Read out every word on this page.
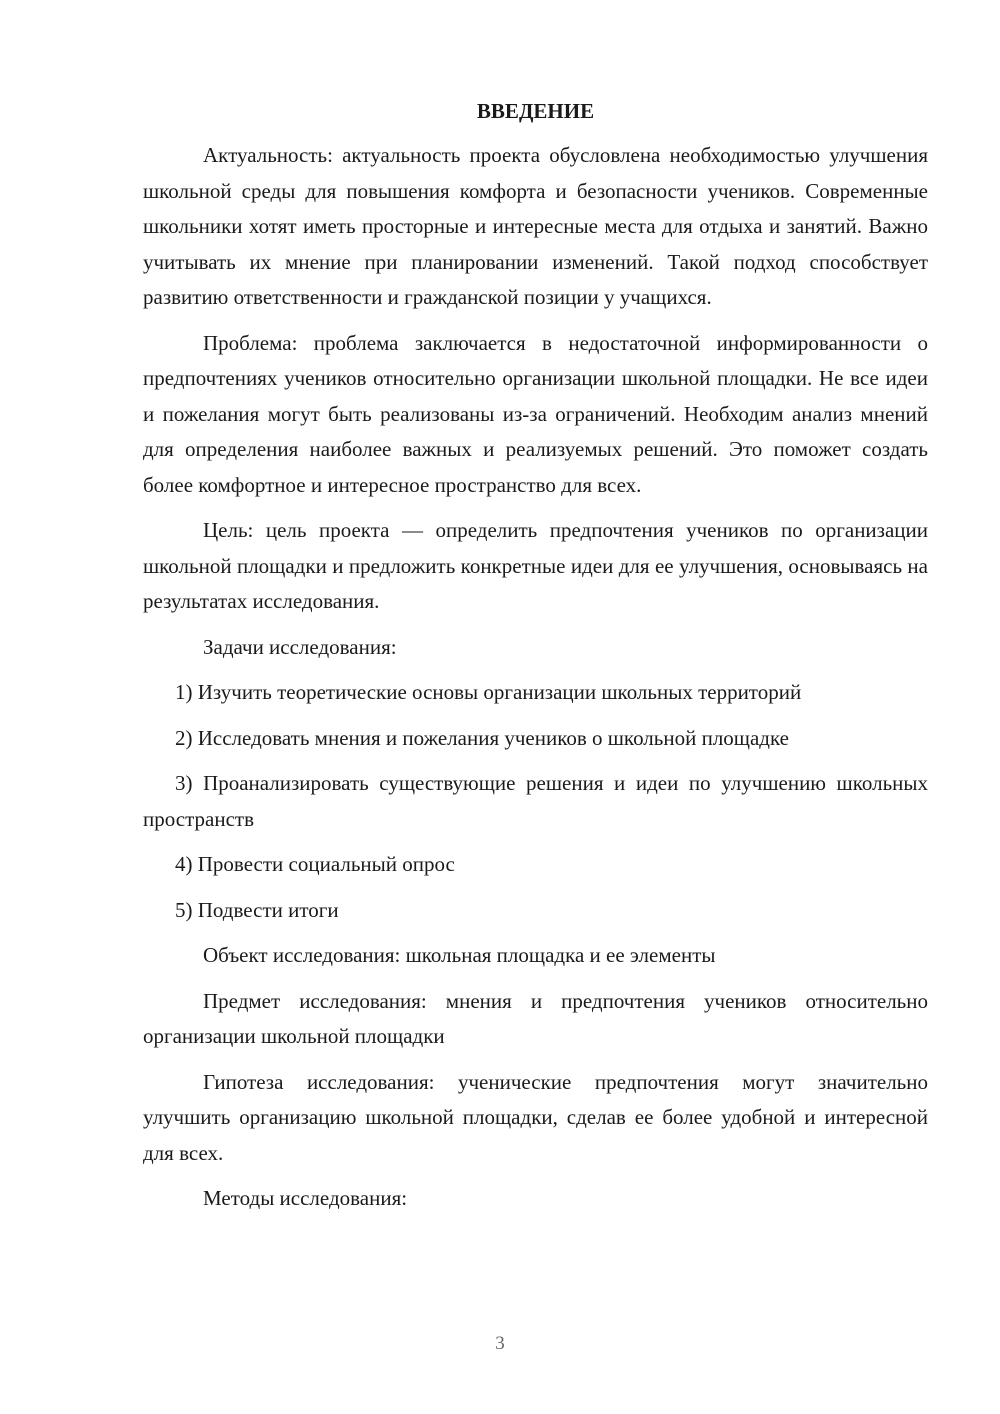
ВВЕДЕНИЕ

Актуальность: актуальность проекта обусловлена необходимостью улучшения школьной среды для повышения комфорта и безопасности учеников. Современные школьники хотят иметь просторные и интересные места для отдыха и занятий. Важно учитывать их мнение при планировании изменений. Такой подход способствует развитию ответственности и гражданской позиции у учащихся.

Проблема: проблема заключается в недостаточной информированности о предпочтениях учеников относительно организации школьной площадки. Не все идеи и пожелания могут быть реализованы из-за ограничений. Необходим анализ мнений для определения наиболее важных и реализуемых решений. Это поможет создать более комфортное и интересное пространство для всех.

Цель: цель проекта — определить предпочтения учеников по организации школьной площадки и предложить конкретные идеи для ее улучшения, основываясь на результатах исследования.

Задачи исследования:

1) Изучить теоретические основы организации школьных территорий

2) Исследовать мнения и пожелания учеников о школьной площадке

3) Проанализировать существующие решения и идеи по улучшению школьных пространств

4) Провести социальный опрос

5) Подвести итоги

Объект исследования: школьная площадка и ее элементы

Предмет исследования: мнения и предпочтения учеников относительно организации школьной площадки

Гипотеза исследования: ученические предпочтения могут значительно улучшить организацию школьной площадки, сделав ее более удобной и интересной для всех.

Методы исследования:

3
